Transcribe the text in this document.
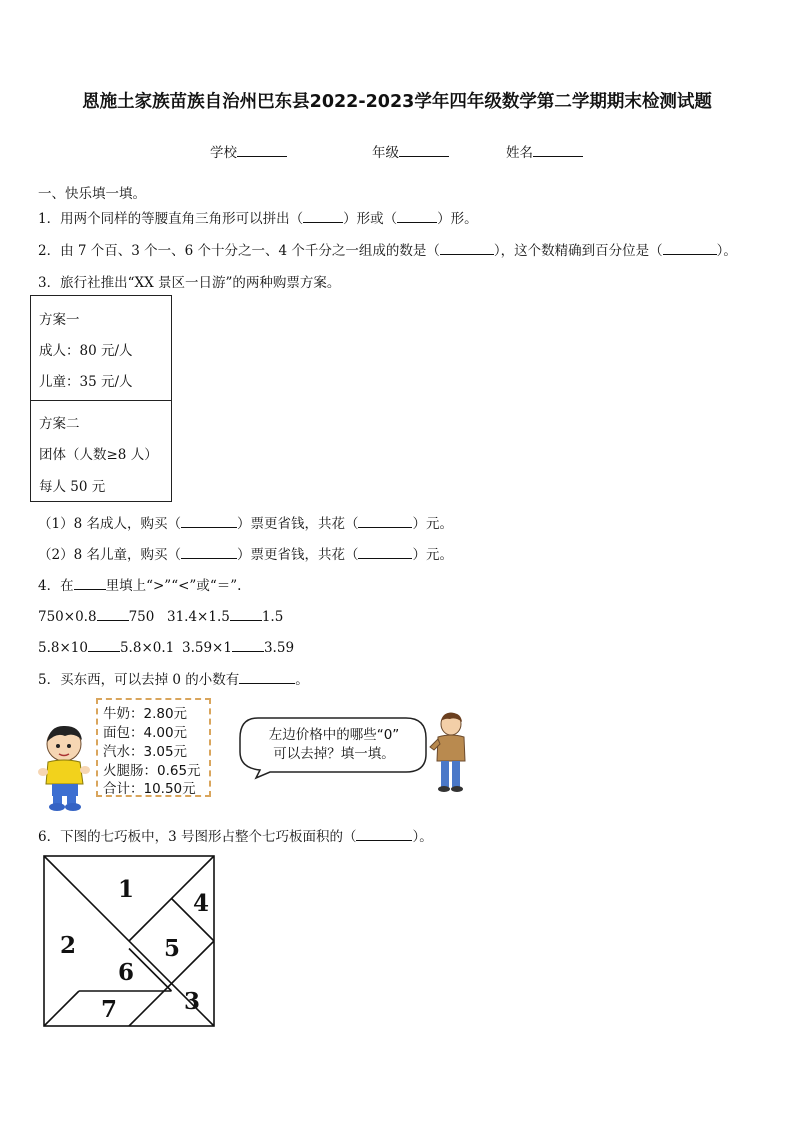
恩施土家族苗族自治州巴东县2022-2023学年四年级数学第二学期期末检测试题
学校	年级	姓名
一、快乐填一填。
1．用两个同样的等腰直角三角形可以拼出（	）形或（	）形。
2．由 7 个百、3 个一、6 个十分之一、4 个千分之一组成的数是（	），这个数精确到百分位是（	）。
3．旅行社推出“XX 景区一日游”的两种购票方案。
方案一
成人：80 元/人
儿童：35 元/人
方案二
团体（人数≥8 人）
每人 50 元
（1）8 名成人，购买（	）票更省钱，共花（	）元。
（2）8 名儿童，购买（	）票更省钱，共花（	）元。
4．在 里填上“>”“<”或“＝”.
750×0.8 750 31.4×1.5 1.5
5.8×10 5.8×0.1 3.59×1 3.59
5．买东西，可以去掉 0 的小数有	。
牛奶：2.80元
面包：4.00元
汽水：3.05元
火腿肠：0.65元
合计：10.50元
左边价格中的哪些“0”
可以去掉？填一填。
6．下图的七巧板中，3 号图形占整个七巧板面积的（	）。
1
2
3
4
5
6
7
